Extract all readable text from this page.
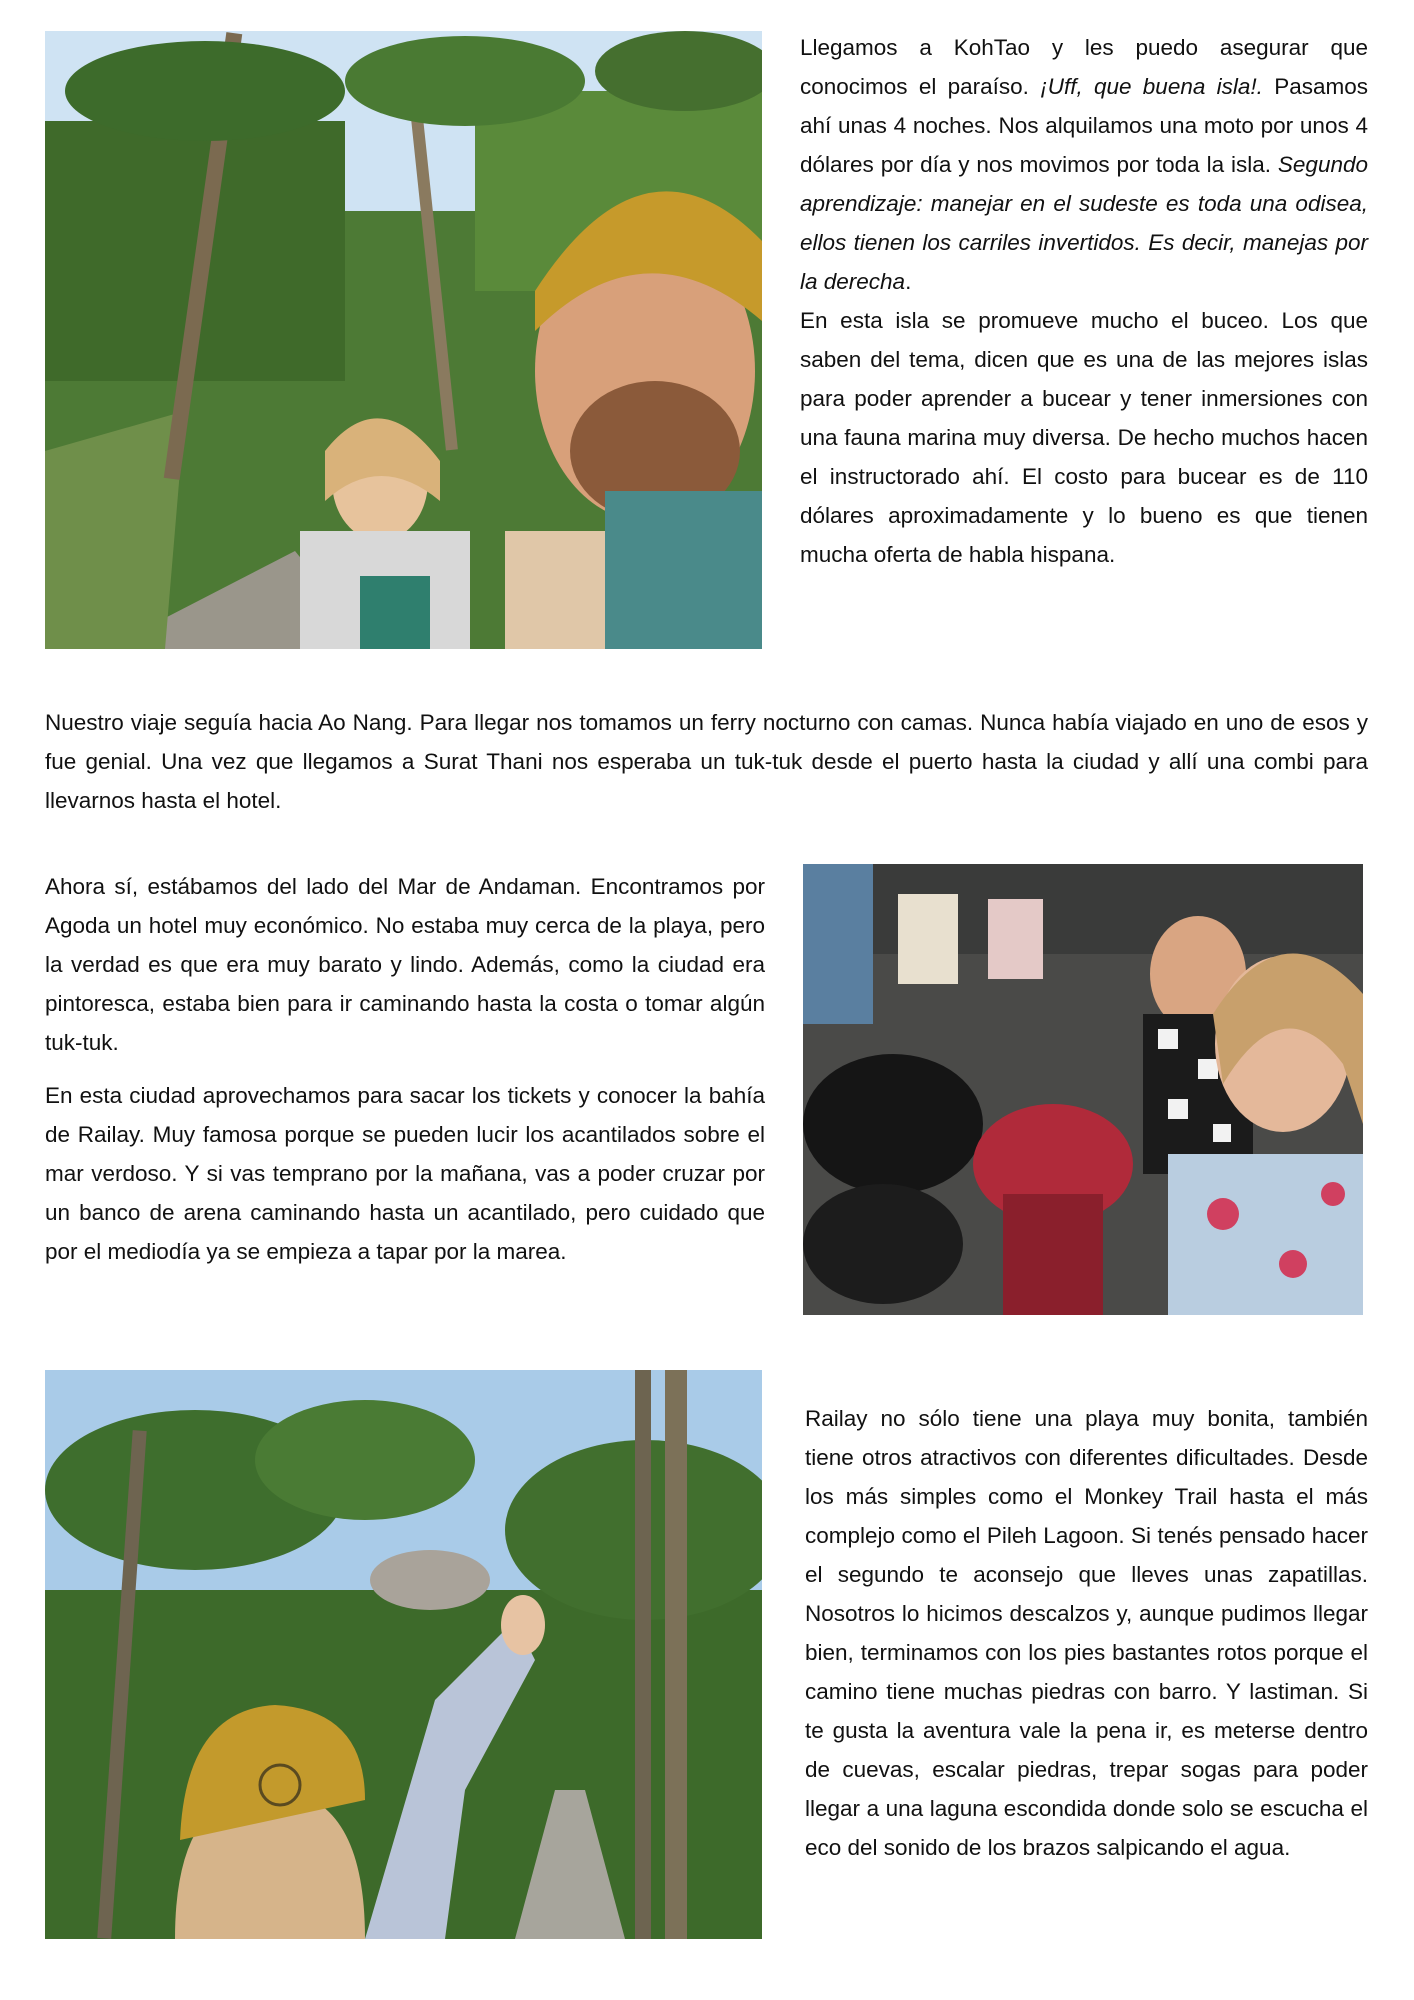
Llegamos a KohTao y les puedo asegurar que conocimos el paraíso. ¡Uff, que buena isla!. Pasamos ahí unas 4 noches. Nos alquilamos una moto por unos 4 dólares por día y nos movimos por toda la isla. Segundo aprendizaje: manejar en el sudeste es toda una odisea, ellos tienen los carriles invertidos. Es decir, manejas por la derecha.

En esta isla se promueve mucho el buceo. Los que saben del tema, dicen que es una de las mejores islas para poder aprender a bucear y tener inmersiones con una fauna marina muy diversa. De hecho muchos hacen el instructorado ahí. El costo para bucear es de 110 dólares aproximadamente y lo bueno es que tienen mucha oferta de habla hispana.

Nuestro viaje seguía hacia Ao Nang. Para llegar nos tomamos un ferry nocturno con camas. Nunca había viajado en uno de esos y fue genial. Una vez que llegamos a Surat Thani nos esperaba un tuk-tuk desde el puerto hasta la ciudad y allí una combi para llevarnos hasta el hotel.

Ahora sí, estábamos del lado del Mar de Andaman. Encontramos por Agoda un hotel muy económico. No estaba muy cerca de la playa, pero la verdad es que era muy barato y lindo. Además, como la ciudad era pintoresca, estaba bien para ir caminando hasta la costa o tomar algún tuk-tuk.

En esta ciudad aprovechamos para sacar los tickets y conocer la bahía de Railay. Muy famosa porque se pueden lucir los acantilados sobre el mar verdoso. Y si vas temprano por la mañana, vas a poder cruzar por un banco de arena caminando hasta un acantilado, pero cuidado que por el mediodía ya se empieza a tapar por la marea.

Railay no sólo tiene una playa muy bonita, también tiene otros atractivos con diferentes dificultades. Desde los más simples como el Monkey Trail hasta el más complejo como el Pileh Lagoon. Si tenés pensado hacer el segundo te aconsejo que lleves unas zapatillas. Nosotros lo hicimos descalzos y, aunque pudimos llegar bien, terminamos con los pies bastantes rotos porque el camino tiene muchas piedras con barro. Y lastiman. Si te gusta la aventura vale la pena ir, es meterse dentro de cuevas, escalar piedras, trepar sogas para poder llegar a una laguna escondida donde solo se escucha el eco del sonido de los brazos salpicando el agua.
